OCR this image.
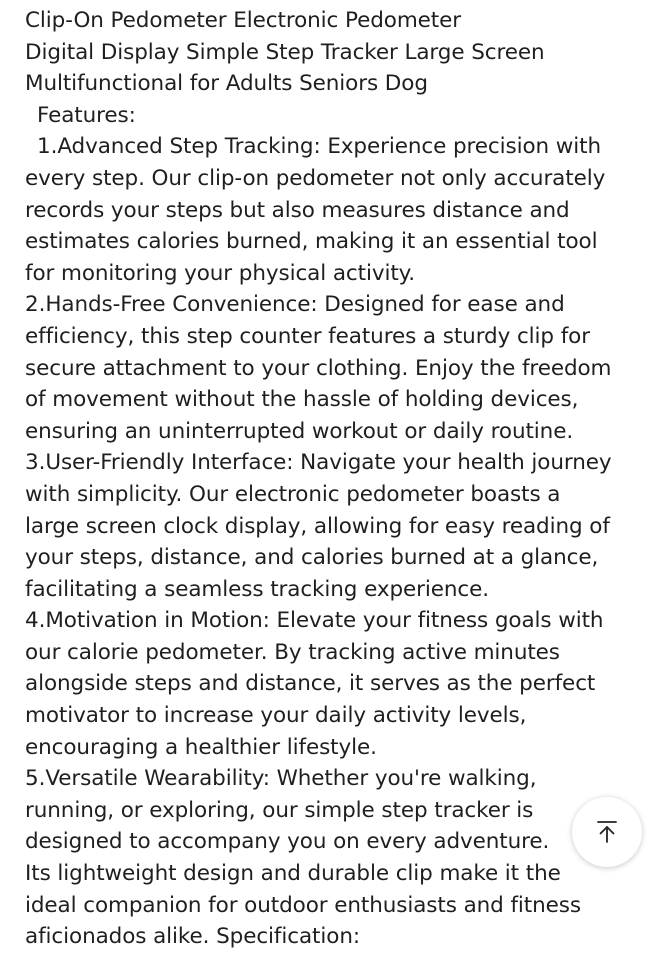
Clip-On Pedometer Electronic Pedometer
Digital Display Simple Step Tracker Large Screen
Multifunctional for Adults Seniors Dog
Features:
1.Advanced Step Tracking: Experience precision with
every step. Our clip-on pedometer not only accurately
records your steps but also measures distance and
estimates calories burned, making it an essential tool
for monitoring your physical activity.
2.Hands-Free Convenience: Designed for ease and
efficiency, this step counter features a sturdy clip for
secure attachment to your clothing. Enjoy the freedom
of movement without the hassle of holding devices,
ensuring an uninterrupted workout or daily routine.
3.User-Friendly Interface: Navigate your health journey
with simplicity. Our electronic pedometer boasts a
large screen clock display, allowing for easy reading of
your steps, distance, and calories burned at a glance,
facilitating a seamless tracking experience.
4.Motivation in Motion: Elevate your fitness goals with
our calorie pedometer. By tracking active minutes
alongside steps and distance, it serves as the perfect
motivator to increase your daily activity levels,
encouraging a healthier lifestyle.
5.Versatile Wearability: Whether you're walking,
running, or exploring, our simple step tracker is
designed to accompany you on every adventure.
Its lightweight design and durable clip make it the
ideal companion for outdoor enthusiasts and fitness
aficionados alike. Specification:
